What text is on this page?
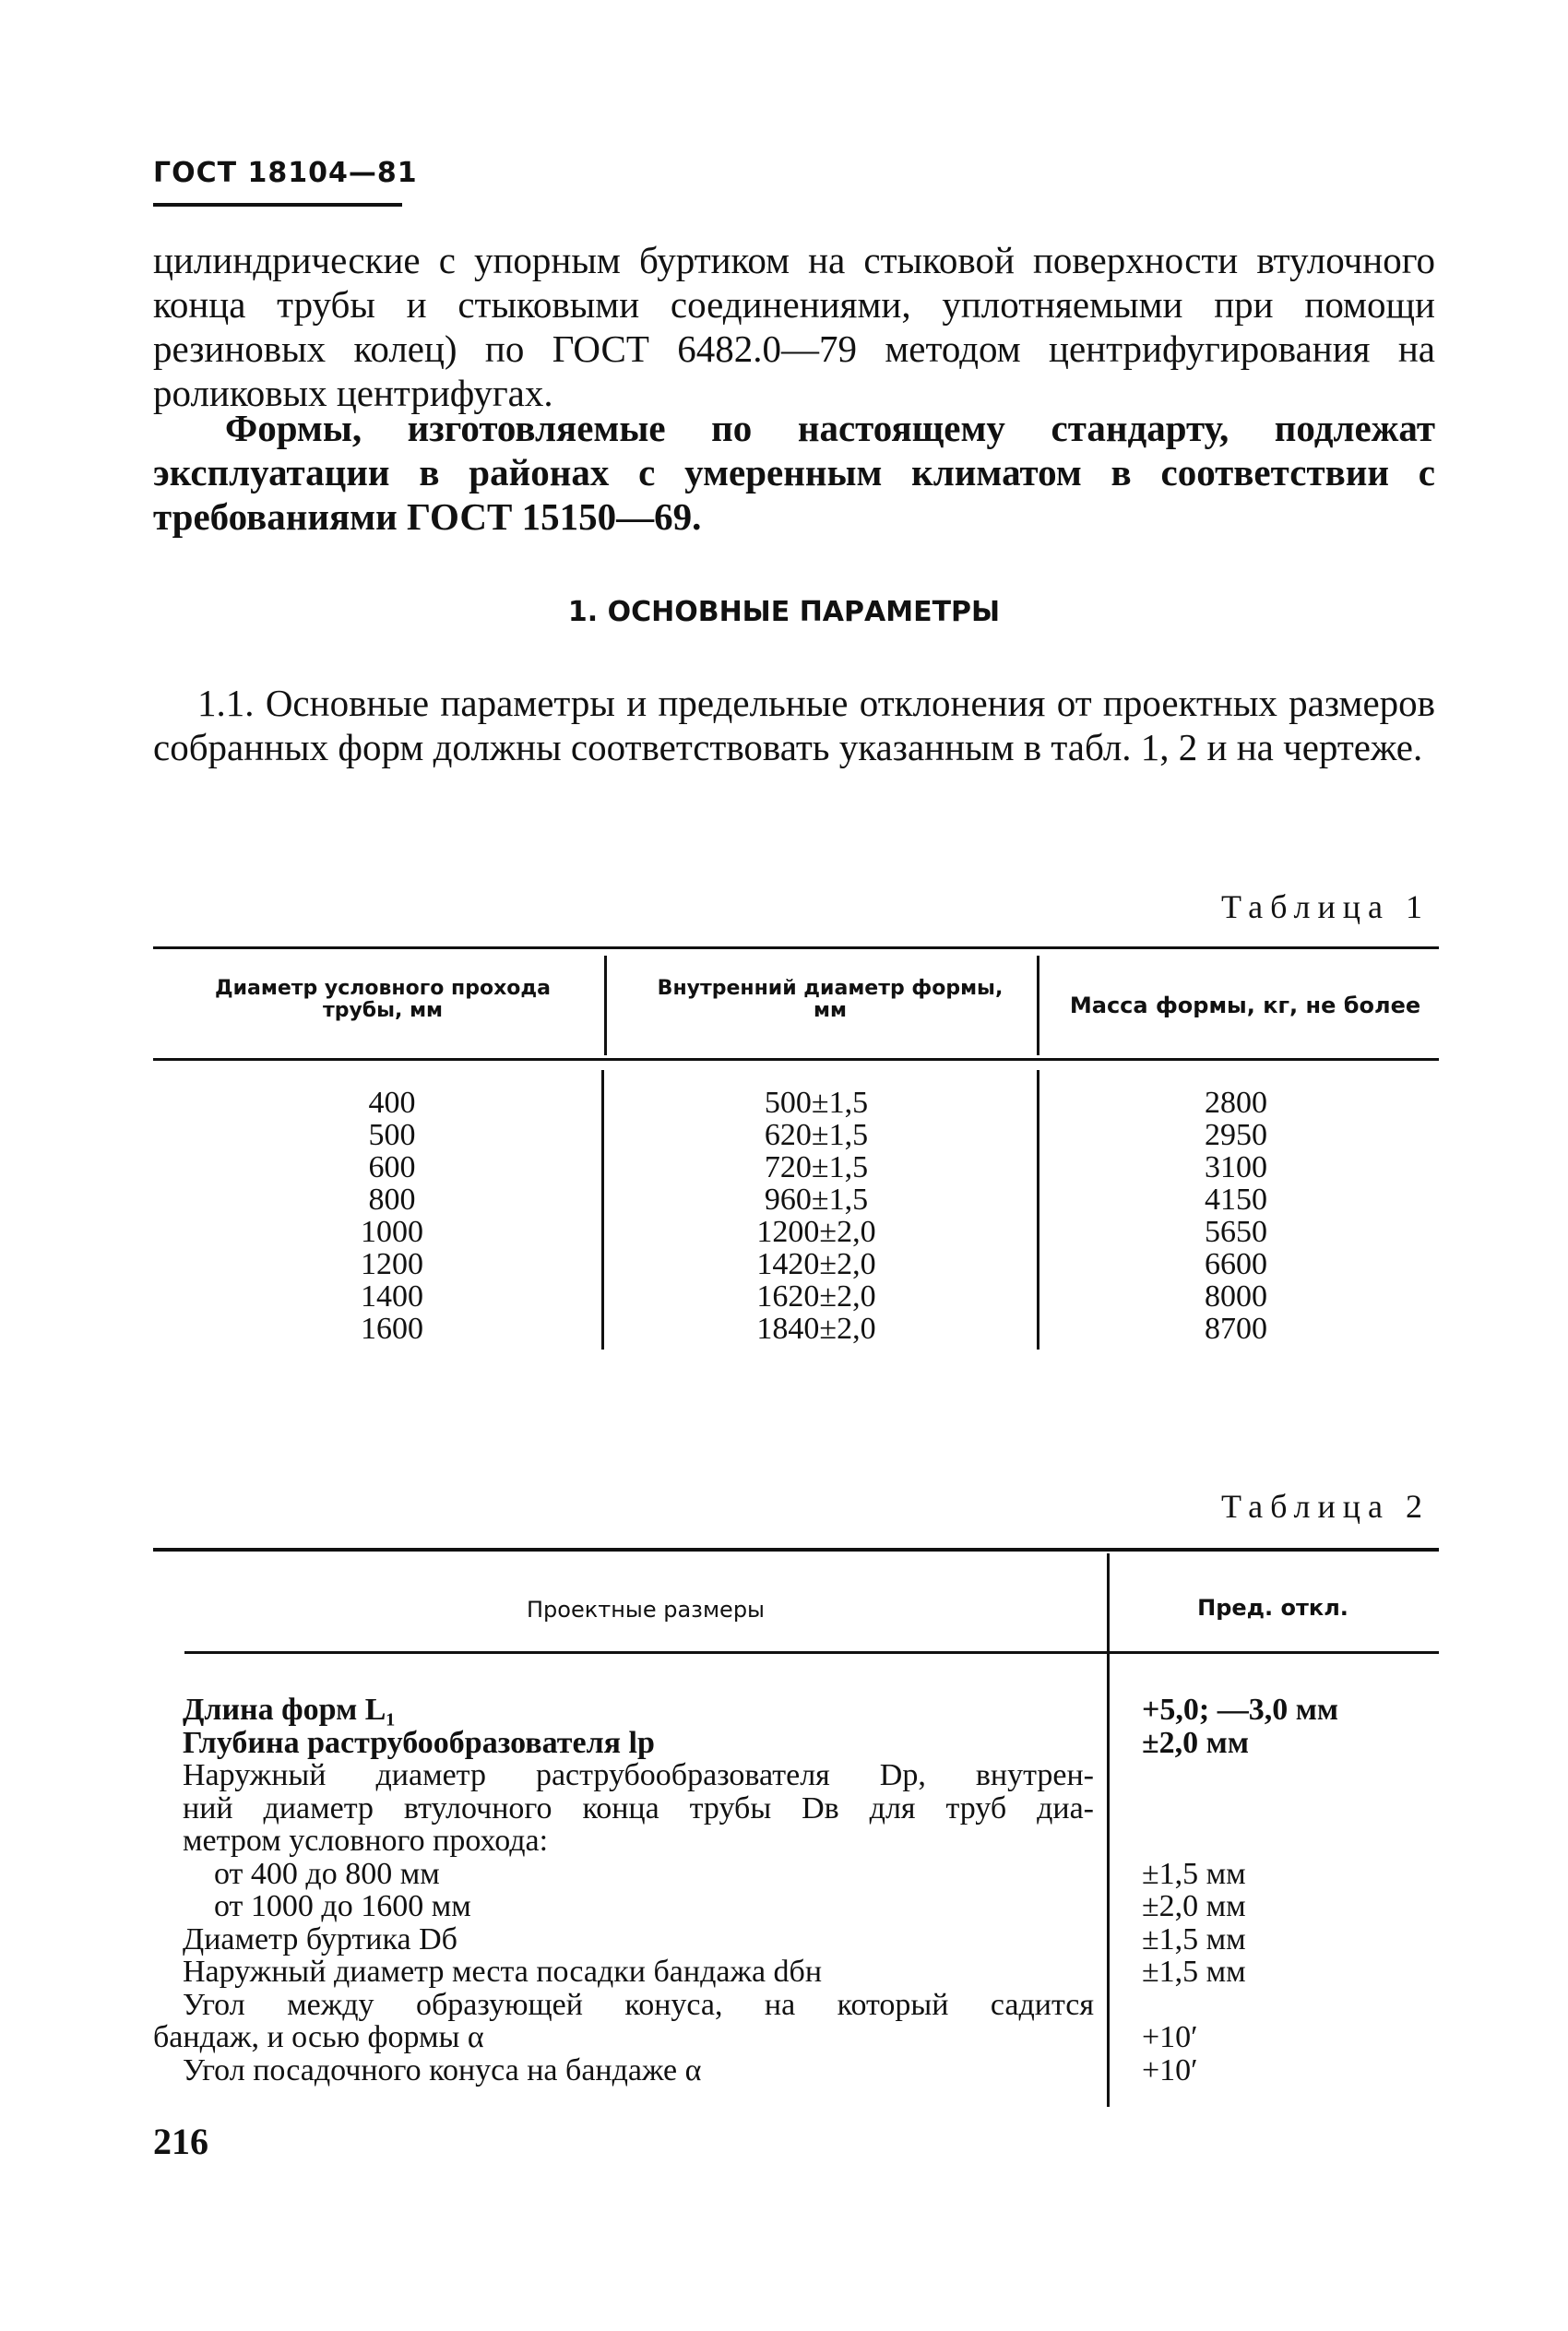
ГОСТ 18104—81
цилиндрические с упорным буртиком на стыковой поверхности втулочного конца трубы и стыковыми соединениями, уплотняемыми при помощи резиновых колец) по ГОСТ 6482.0—79 методом центрифугирования на роликовых центрифугах.
Формы, изготовляемые по настоящему стандарту, подлежат эксплуатации в районах с умеренным климатом в соответствии с требованиями ГОСТ 15150—69.
1. ОСНОВНЫЕ ПАРАМЕТРЫ
1.1. Основные параметры и предельные отклонения от проектных размеров собранных форм должны соответствовать указанным в табл. 1, 2 и на чертеже.
Таблица 1
Диаметр условного прохода трубы, мм
Внутренний диаметр формы, мм	Масса формы, кг, не более
400
500
600
800
1000
1200
1400
1600
500±1,5
620±1,5
720±1,5
960±1,5
1200±2,0
1420±2,0
1620±2,0
1840±2,0
2800
2950
3100
4150
5650
6600
8000
8700
Таблица 2
Проектные размеры	Пред. откл.
Длина форм L₁
Глубина раструбообразователя lр
Наружный диаметр раструбообразователя Dр, внутрен-
ний диаметр втулочного конца трубы Dв для труб диа-
метром условного прохода:
от 400 до 800 мм
от 1000 до 1600 мм
Диаметр буртика Dб
Наружный диаметр места посадки бандажа dбн
Угол между образующей конуса, на который садится
бандаж, и осью формы α
Угол посадочного конуса на бандаже α
+5,0; —3,0 мм
±2,0 мм
±1,5 мм
±2,0 мм
±1,5 мм
±1,5 мм
+10′
+10′
216
